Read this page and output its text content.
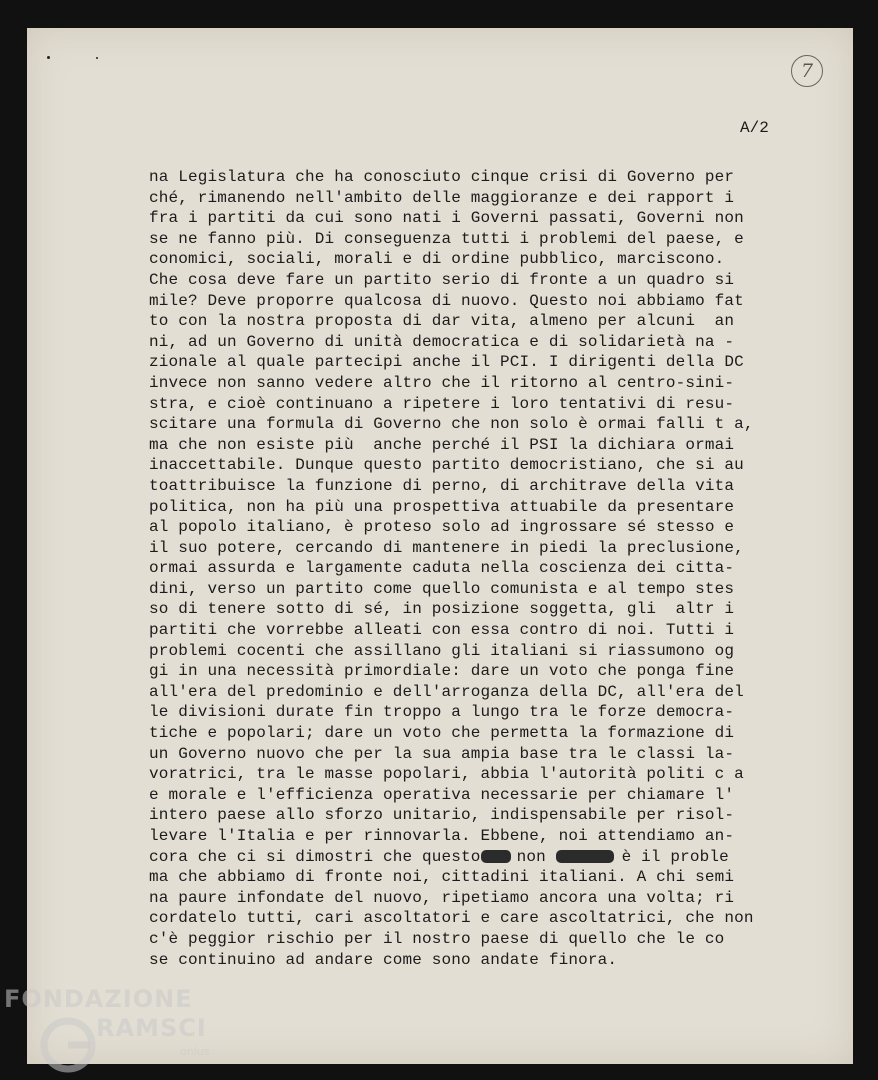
7
A/2
na Legislatura che ha conosciuto cinque crisi di Governo per
ché, rimanendo nell'ambito delle maggioranze e dei rapport i
fra i partiti da cui sono nati i Governi passati, Governi non
se ne fanno più. Di conseguenza tutti i problemi del paese, e
conomici, sociali, morali e di ordine pubblico, marciscono.
Che cosa deve fare un partito serio di fronte a un quadro si
mile? Deve proporre qualcosa di nuovo. Questo noi abbiamo fat
to con la nostra proposta di dar vita, almeno per alcuni  an
ni, ad un Governo di unità democratica e di solidarietà na -
zionale al quale partecipi anche il PCI. I dirigenti della DC
invece non sanno vedere altro che il ritorno al centro-sini-
stra, e cioè continuano a ripetere i loro tentativi di resu-
scitare una formula di Governo che non solo è ormai falli t a,
ma che non esiste più  anche perché il PSI la dichiara ormai
inaccettabile. Dunque questo partito democristiano, che si au
toattribuisce la funzione di perno, di architrave della vita
politica, non ha più una prospettiva attuabile da presentare
al popolo italiano, è proteso solo ad ingrossare sé stesso e
il suo potere, cercando di mantenere in piedi la preclusione,
ormai assurda e largamente caduta nella coscienza dei citta-
dini, verso un partito come quello comunista e al tempo stes
so di tenere sotto di sé, in posizione soggetta, gli  altr i
partiti che vorrebbe alleati con essa contro di noi. Tutti i
problemi cocenti che assillano gli italiani si riassumono og
gi in una necessità primordiale: dare un voto che ponga fine
all'era del predominio e dell'arroganza della DC, all'era del
le divisioni durate fin troppo a lungo tra le forze democra-
tiche e popolari; dare un voto che permetta la formazione di
un Governo nuovo che per la sua ampia base tra le classi la-
voratrici, tra le masse popolari, abbia l'autorità politi c a
e morale e l'efficienza operativa necessarie per chiamare l'
intero paese allo sforzo unitario, indispensabile per risol-
levare l'Italia e per rinnovarla. Ebbene, noi attendiamo an-
cora che ci si dimostri che questo non	è il proble
ma che abbiamo di fronte noi, cittadini italiani. A chi semi
na paure infondate del nuovo, ripetiamo ancora una volta; ri
cordatelo tutti, cari ascoltatori e care ascoltatrici, che non
c'è peggior rischio per il nostro paese di quello che le co
se continuino ad andare come sono andate finora.
FONDAZIONE
RAMSCI
onlus
